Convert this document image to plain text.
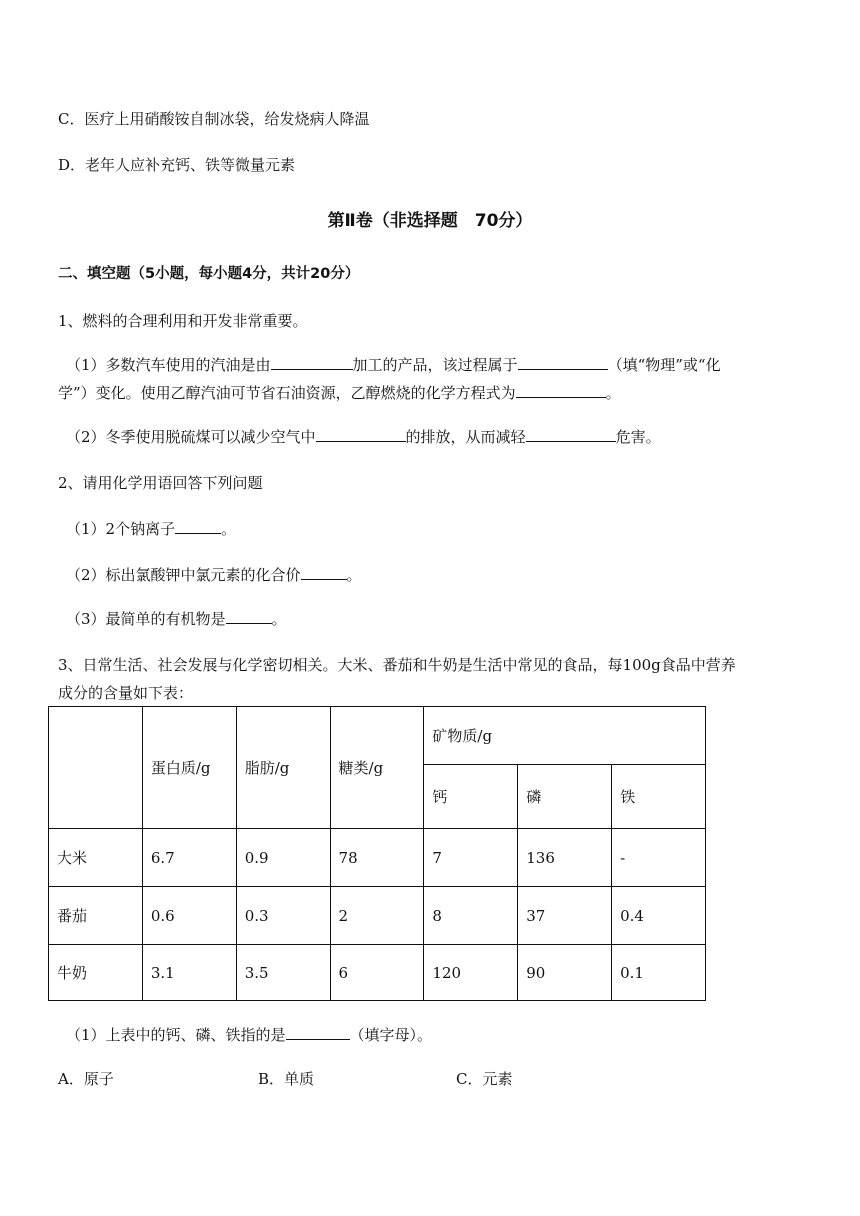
C．医疗上用硝酸铵自制冰袋，给发烧病人降温
D．老年人应补充钙、铁等微量元素
第Ⅱ卷（非选择题　70分）
二、填空题（5小题，每小题4分，共计20分）
1、燃料的合理利用和开发非常重要。
（1）多数汽车使用的汽油是由	加工的产品，该过程属于	（填“物理”或“化
学”）变化。使用乙醇汽油可节省石油资源，乙醇燃烧的化学方程式为	。
（2）冬季使用脱硫煤可以减少空气中	的排放，从而减轻	危害。
2、请用化学用语回答下列问题
（1）2个钠离子	。
（2）标出氯酸钾中氯元素的化合价	。
（3）最简单的有机物是	。
3、日常生活、社会发展与化学密切相关。大米、番茄和牛奶是生活中常见的食品，每100g食品中营养
成分的含量如下表：
	蛋白质/g	脂肪/g	糖类/g	矿物质/g		
				钙	磷	铁
大米	6.7	0.9	78	7	136	-
番茄	0.6	0.3	2	8	37	0.4
牛奶	3.1	3.5	6	120	90	0.1
（1）上表中的钙、磷、铁指的是	（填字母）。
A．原子	B．单质	C．元素
